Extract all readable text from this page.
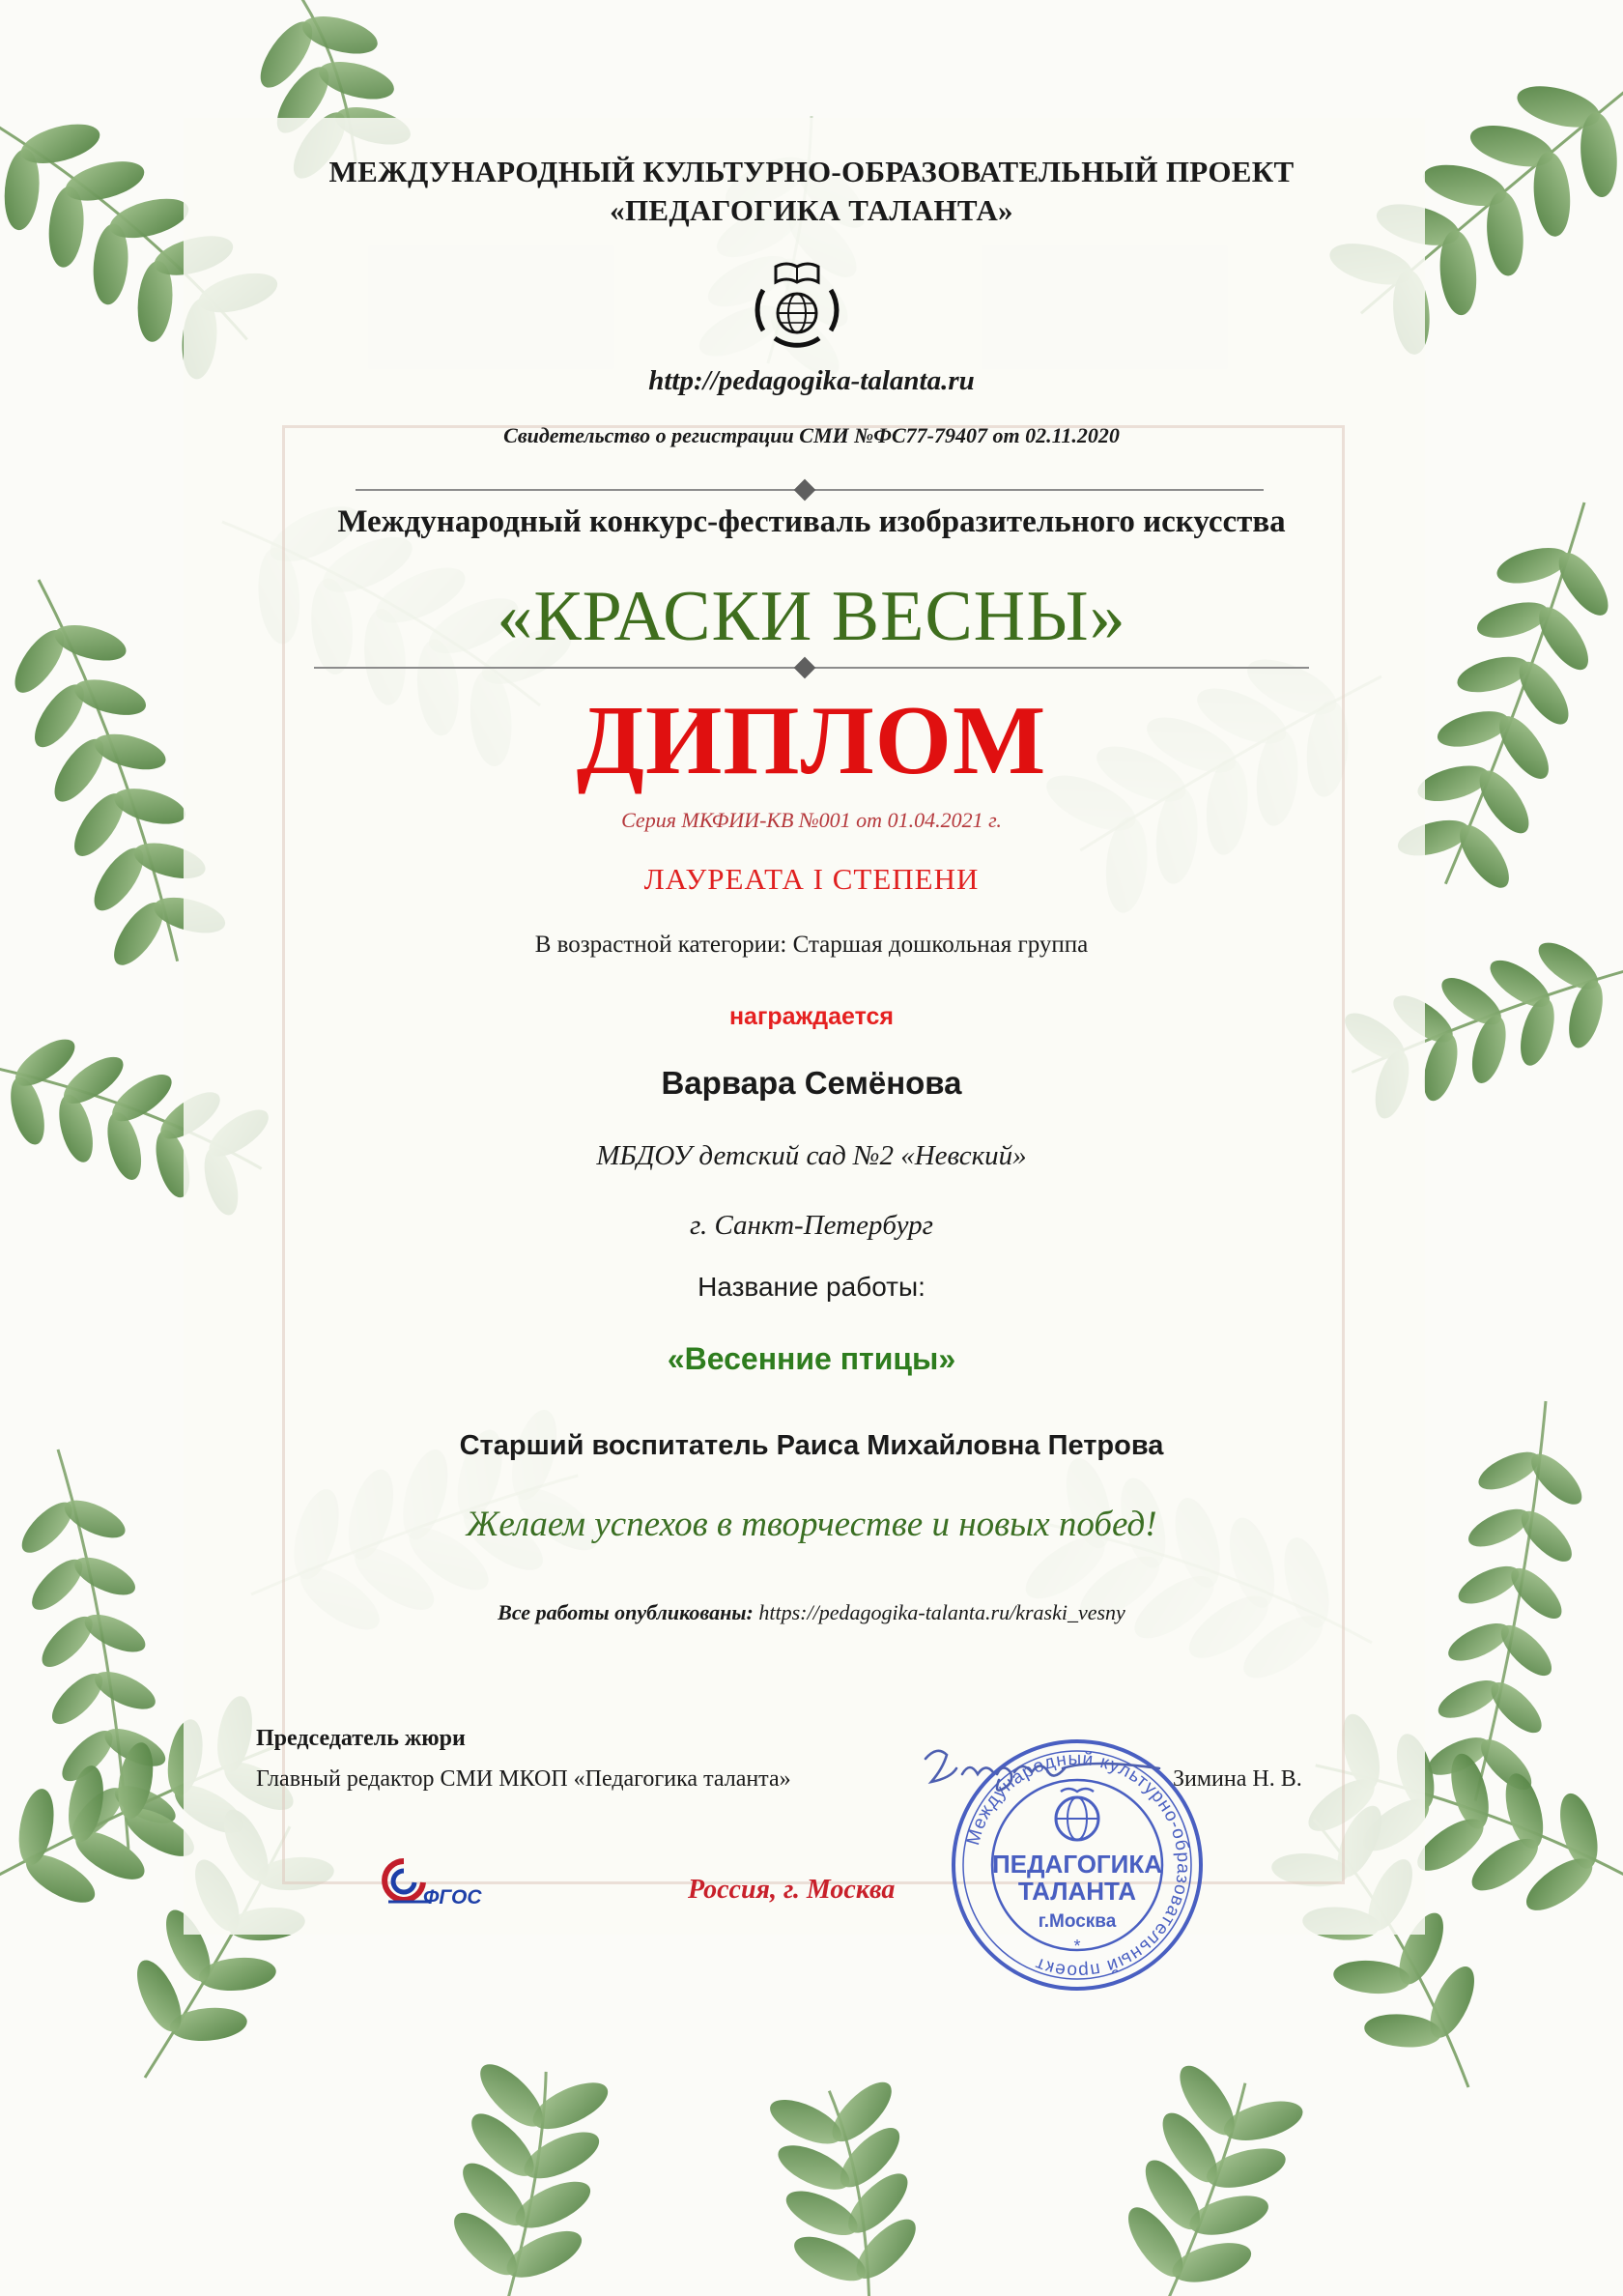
МЕЖДУНАРОДНЫЙ КУЛЬТУРНО-ОБРАЗОВАТЕЛЬНЫЙ ПРОЕКТ
«ПЕДАГОГИКА ТАЛАНТА»
http://pedagogika-talanta.ru
Свидетельство о регистрации СМИ №ФС77-79407 от 02.11.2020
Международный конкурс-фестиваль изобразительного искусства
«КРАСКИ ВЕСНЫ»
ДИПЛОМ
Серия МКФИИ-КВ №001 от 01.04.2021 г.
ЛАУРЕАТА I СТЕПЕНИ
В возрастной категории: Старшая дошкольная группа
награждается
Варвара Семёнова
МБДОУ детский сад №2 «Невский»
г. Санкт-Петербург
Название работы:
«Весенние птицы»
Старший воспитатель Раиса Михайловна Петрова
Желаем успехов в творчестве и новых побед!
Все работы опубликованы: https://pedagogika-talanta.ru/kraski_vesny
Председатель жюри
Главный редактор СМИ МКОП «Педагогика таланта»	Зимина Н. В.
Россия, г. Москва
ФГОС
Международный культурно-образовательный проект
ПЕДАГОГИКА
ТАЛАНТА
г.Москва
*
